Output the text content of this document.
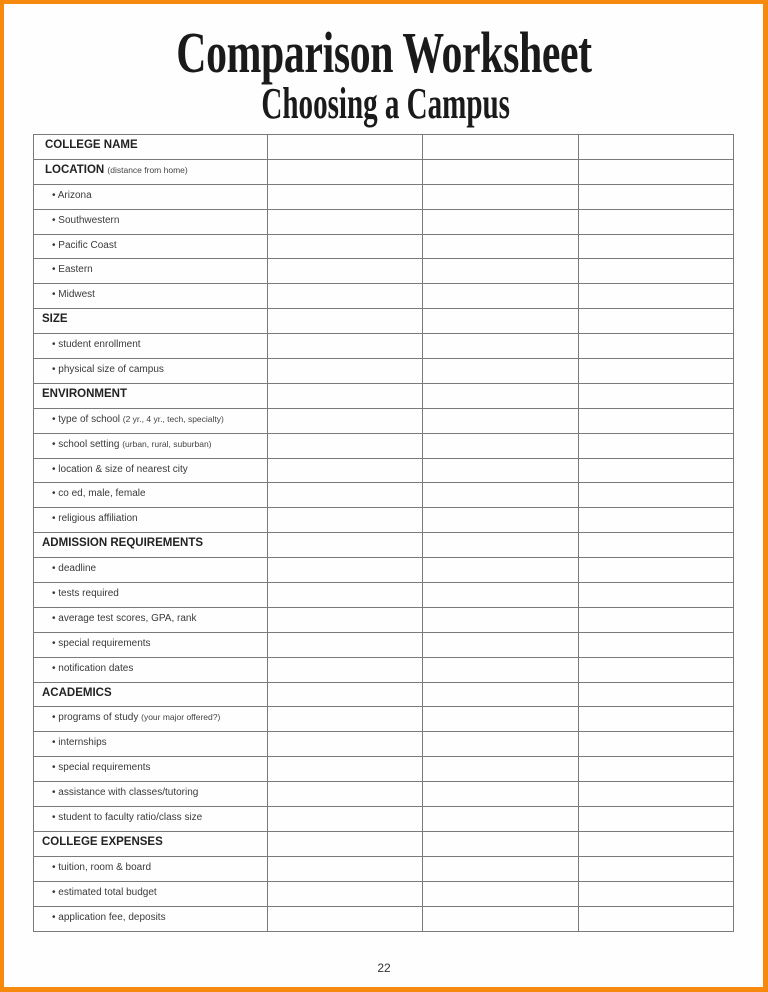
Comparison Worksheet
Choosing a Campus
COLLEGE NAME			

LOCATION (distance from home)			

• Arizona			

• Southwestern			

• Pacific Coast			

• Eastern			

• Midwest			

SIZE			

• student enrollment			

• physical size of campus			

ENVIRONMENT			

• type of school (2 yr., 4 yr., tech, specialty)			

• school setting (urban, rural, suburban)			

• location & size of nearest city			

• co ed, male, female			

• religious affiliation			

ADMISSION REQUIREMENTS			

• deadline			

• tests required			

• average test scores, GPA, rank			

• special requirements			

• notification dates			

ACADEMICS			

• programs of study (your major offered?)			

• internships			

• special requirements			

• assistance with classes/tutoring			

• student to faculty ratio/class size			

COLLEGE EXPENSES			

• tuition, room & board			

• estimated total budget			

• application fee, deposits			

22
